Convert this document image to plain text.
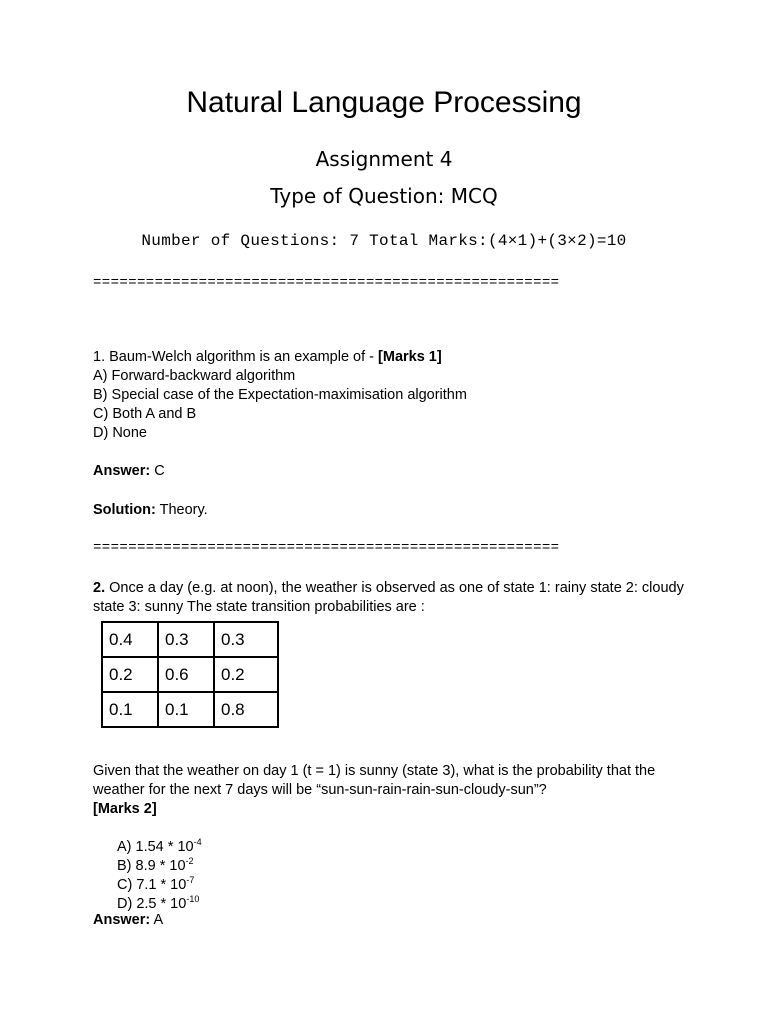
Natural Language Processing
Assignment 4
Type of Question: MCQ
Number of Questions: 7 Total Marks:(4×1)+(3×2)=10
=====================================================
1. Baum-Welch algorithm is an example of - [Marks 1]
A) Forward-backward algorithm
B) Special case of the Expectation-maximisation algorithm
C) Both A and B
D) None
Answer: C
Solution: Theory.
=====================================================
2. Once a day (e.g. at noon), the weather is observed as one of state 1: rainy state 2: cloudy state 3: sunny The state transition probabilities are :
0.4	0.3	0.3
0.2	0.6	0.2
0.1	0.1	0.8
Given that the weather on day 1 (t = 1) is sunny (state 3), what is the probability that the weather for the next 7 days will be “sun-sun-rain-rain-sun-cloudy-sun”?
[Marks 2]
A) $1.54 * 10^{-4}$
B) $8.9 * 10^{-2}$
C) $7.1 * 10^{-7}$
D) $2.5 * 10^{-10}$
Answer: A
